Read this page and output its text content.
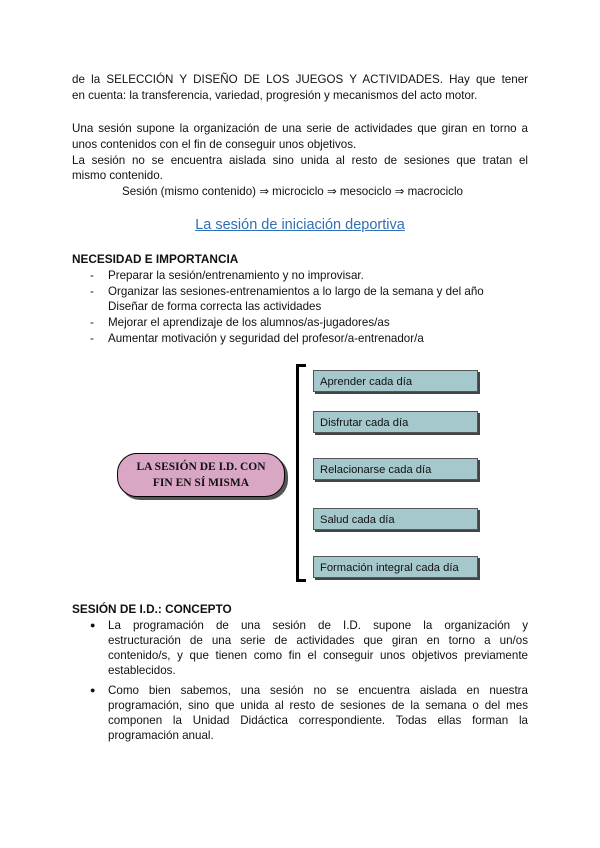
de la SELECCIÓN Y DISEÑO DE LOS JUEGOS Y ACTIVIDADES. Hay que tener
en cuenta: la transferencia, variedad, progresión y mecanismos del acto motor.
Una sesión supone la organización de una serie de actividades que giran en torno a
unos contenidos con el fin de conseguir unos objetivos.
La sesión no se encuentra aislada sino unida al resto de sesiones que tratan el
mismo contenido.
Sesión (mismo contenido) ⇒ microciclo ⇒ mesociclo ⇒ macrociclo
La sesión de iniciación deportiva
NECESIDAD E IMPORTANCIA
- Preparar la sesión/entrenamiento y no improvisar.
- Organizar las sesiones-entrenamientos a lo largo de la semana y del año
Diseñar de forma correcta las actividades
- Mejorar el aprendizaje de los alumnos/as-jugadores/as
- Aumentar motivación y seguridad del profesor/a-entrenador/a
LA SESIÓN DE I.D. CON
FIN EN SÍ MISMA
Aprender cada día
Disfrutar cada día
Relacionarse cada día
Salud cada día
Formación integral cada día
SESIÓN DE I.D.: CONCEPTO
● La programación de una sesión de I.D. supone la organización y
estructuración de una serie de actividades que giran en torno a un/os
contenido/s, y que tienen como fin el conseguir unos objetivos previamente
establecidos.
● Como bien sabemos, una sesión no se encuentra aislada en nuestra
programación, sino que unida al resto de sesiones de la semana o del mes
componen la Unidad Didáctica correspondiente. Todas ellas forman la
programación anual.
